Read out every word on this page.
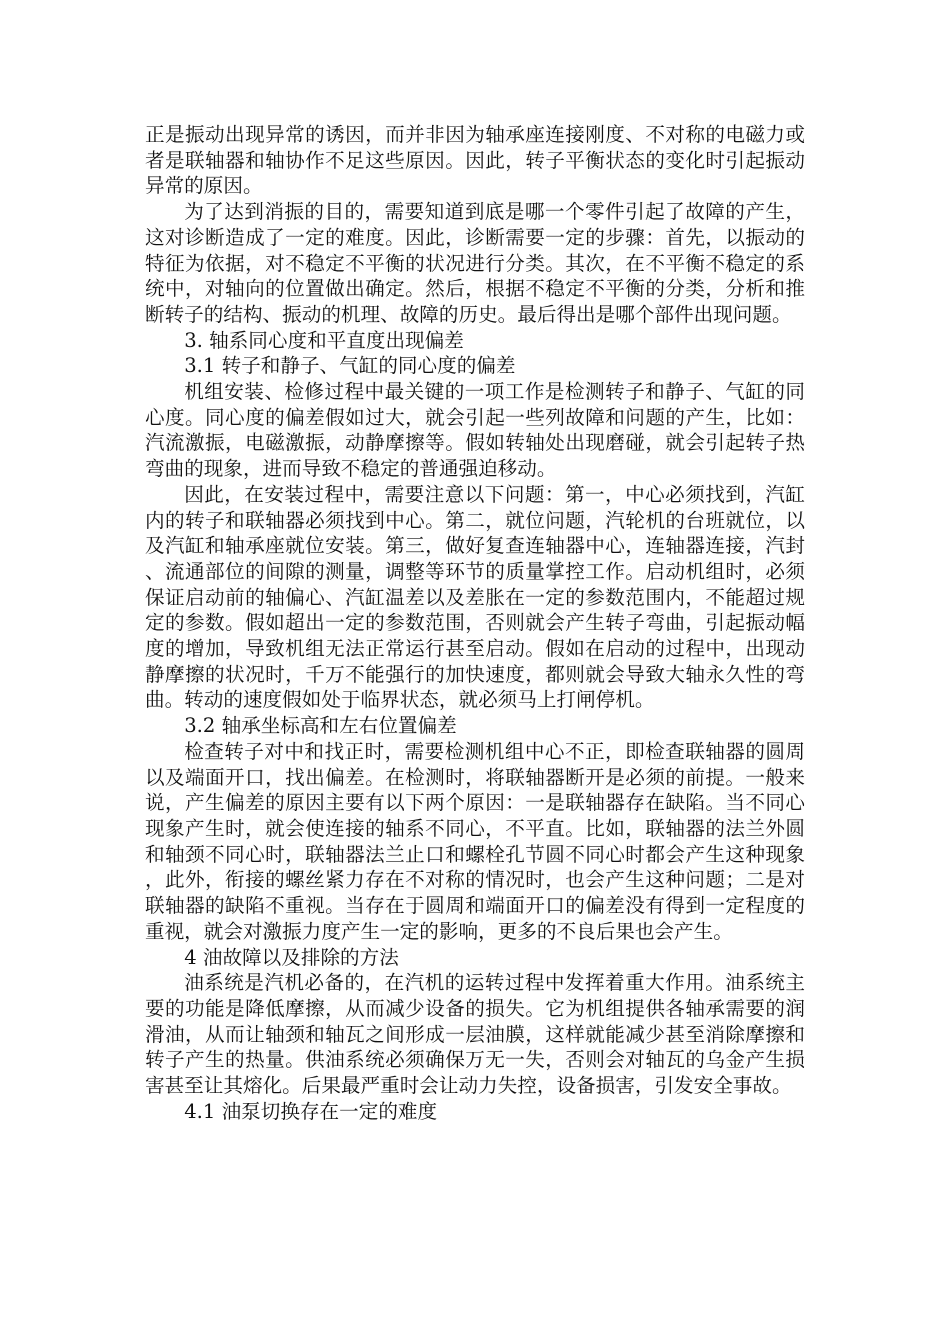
正是振动出现异常的诱因，而并非因为轴承座连接刚度、不对称的电磁力或者是联轴器和轴协作不足这些原因。因此，转子平衡状态的变化时引起振动异常的原因。

为了达到消振的目的，需要知道到底是哪一个零件引起了故障的产生，这对诊断造成了一定的难度。因此，诊断需要一定的步骤：首先，以振动的特征为依据，对不稳定不平衡的状况进行分类。其次，在不平衡不稳定的系统中，对轴向的位置做出确定。然后，根据不稳定不平衡的分类，分析和推断转子的结构、振动的机理、故障的历史。最后得出是哪个部件出现问题。

3. 轴系同心度和平直度出现偏差

3.1 转子和静子、气缸的同心度的偏差

机组安装、检修过程中最关键的一项工作是检测转子和静子、气缸的同心度。同心度的偏差假如过大，就会引起一些列故障和问题的产生，比如：汽流激振，电磁激振，动静摩擦等。假如转轴处出现磨碰，就会引起转子热弯曲的现象，进而导致不稳定的普通强迫移动。

因此，在安装过程中，需要注意以下问题：第一，中心必须找到，汽缸内的转子和联轴器必须找到中心。第二，就位问题，汽轮机的台班就位，以及汽缸和轴承座就位安装。第三，做好复查连轴器中心，连轴器连接，汽封、流通部位的间隙的测量，调整等环节的质量掌控工作。启动机组时，必须保证启动前的轴偏心、汽缸温差以及差胀在一定的参数范围内，不能超过规定的参数。假如超出一定的参数范围，否则就会产生转子弯曲，引起振动幅度的增加，导致机组无法正常运行甚至启动。假如在启动的过程中，出现动静摩擦的状况时，千万不能强行的加快速度，都则就会导致大轴永久性的弯曲。转动的速度假如处于临界状态，就必须马上打闸停机。

3.2 轴承坐标高和左右位置偏差

检查转子对中和找正时，需要检测机组中心不正，即检查联轴器的圆周以及端面开口，找出偏差。在检测时，将联轴器断开是必须的前提。一般来说，产生偏差的原因主要有以下两个原因：一是联轴器存在缺陷。当不同心现象产生时，就会使连接的轴系不同心，不平直。比如，联轴器的法兰外圆和轴颈不同心时，联轴器法兰止口和螺栓孔节圆不同心时都会产生这种现象，此外，衔接的螺丝紧力存在不对称的情况时，也会产生这种问题；二是对联轴器的缺陷不重视。当存在于圆周和端面开口的偏差没有得到一定程度的重视，就会对激振力度产生一定的影响，更多的不良后果也会产生。

4 油故障以及排除的方法

油系统是汽机必备的，在汽机的运转过程中发挥着重大作用。油系统主要的功能是降低摩擦，从而减少设备的损失。它为机组提供各轴承需要的润滑油，从而让轴颈和轴瓦之间形成一层油膜，这样就能减少甚至消除摩擦和转子产生的热量。供油系统必须确保万无一失，否则会对轴瓦的乌金产生损害甚至让其熔化。后果最严重时会让动力失控，设备损害，引发安全事故。

4.1 油泵切换存在一定的难度
